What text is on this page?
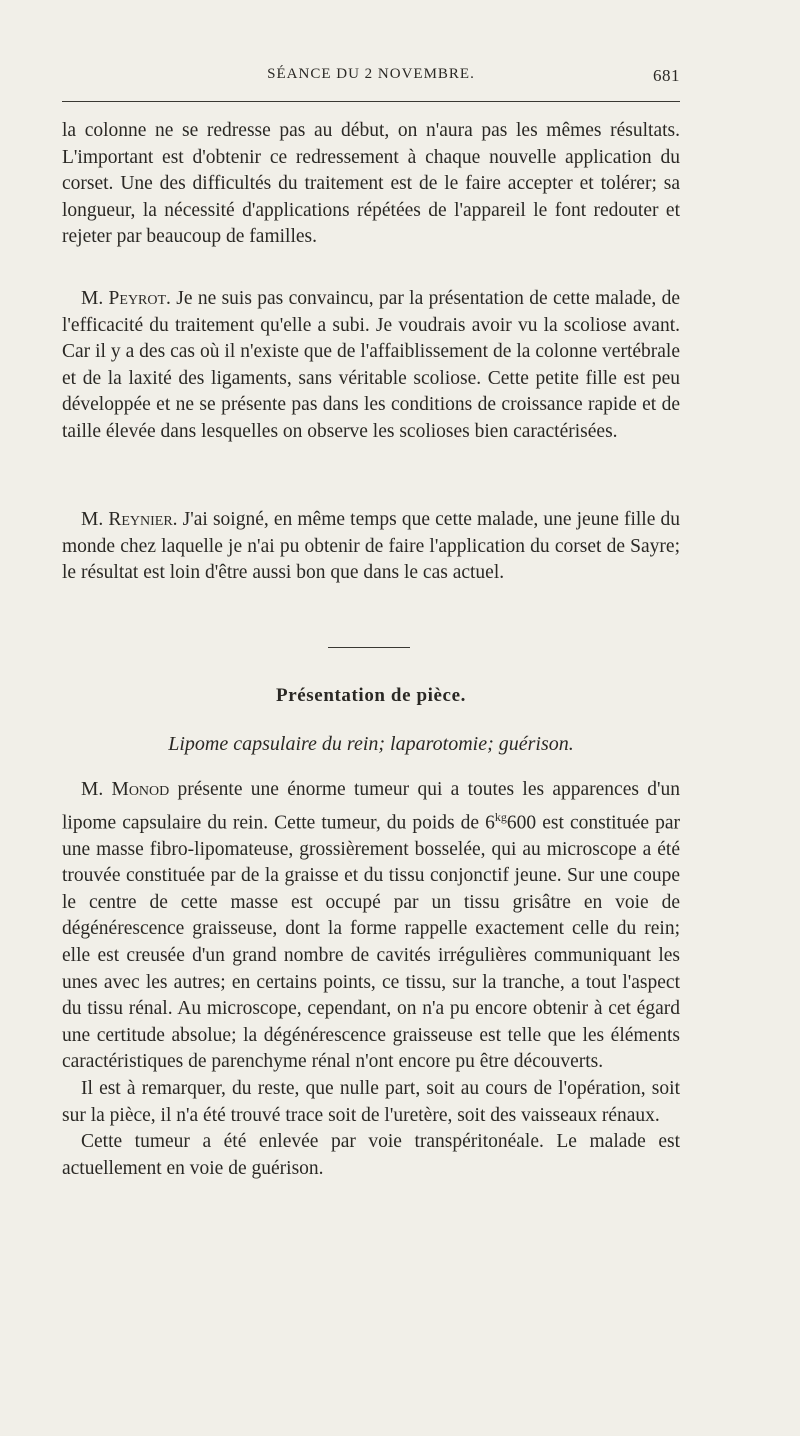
SÉANCE DU 2 NOVEMBRE.	681

la colonne ne se redresse pas au début, on n'aura pas les mêmes résultats. L'important est d'obtenir ce redressement à chaque nouvelle application du corset. Une des difficultés du traitement est de le faire accepter et tolérer; sa longueur, la nécessité d'applications répétées de l'appareil le font redouter et rejeter par beaucoup de familles.

M. Peyrot. Je ne suis pas convaincu, par la présentation de cette malade, de l'efficacité du traitement qu'elle a subi. Je voudrais avoir vu la scoliose avant. Car il y a des cas où il n'existe que de l'affaiblissement de la colonne vertébrale et de la laxité des ligaments, sans véritable scoliose. Cette petite fille est peu développée et ne se présente pas dans les conditions de croissance rapide et de taille élevée dans lesquelles on observe les scolioses bien caractérisées.

M. Reynier. J'ai soigné, en même temps que cette malade, une jeune fille du monde chez laquelle je n'ai pu obtenir de faire l'application du corset de Sayre; le résultat est loin d'être aussi bon que dans le cas actuel.

Présentation de pièce.
Lipome capsulaire du rein; laparotomie; guérison.

M. Monod présente une énorme tumeur qui a toutes les apparences d'un lipome capsulaire du rein. Cette tumeur, du poids de $6^{kg}600$ est constituée par une masse fibro-lipomateuse, grossièrement bosselée, qui au microscope a été trouvée constituée par de la graisse et du tissu conjonctif jeune. Sur une coupe le centre de cette masse est occupé par un tissu grisâtre en voie de dégénérescence graisseuse, dont la forme rappelle exactement celle du rein; elle est creusée d'un grand nombre de cavités irrégulières communiquant les unes avec les autres; en certains points, ce tissu, sur la tranche, a tout l'aspect du tissu rénal. Au microscope, cependant, on n'a pu encore obtenir à cet égard une certitude absolue; la dégénérescence graisseuse est telle que les éléments caractéristiques de parenchyme rénal n'ont encore pu être découverts.

Il est à remarquer, du reste, que nulle part, soit au cours de l'opération, soit sur la pièce, il n'a été trouvé trace soit de l'uretère, soit des vaisseaux rénaux.

Cette tumeur a été enlevée par voie transpéritonéale. Le malade est actuellement en voie de guérison.
